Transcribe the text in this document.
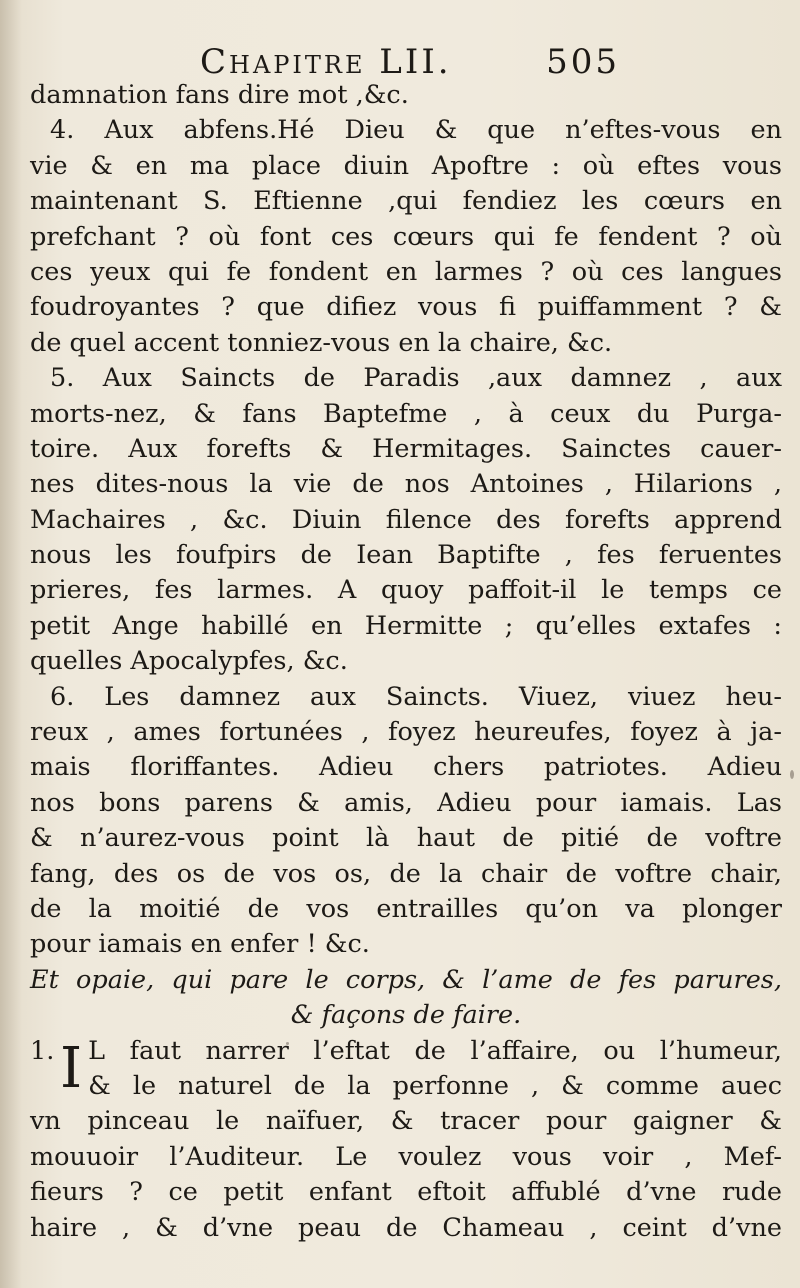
Chapitre LII.	505
damnation fans dire mot ,&c.
4. Aux abfens.Hé Dieu & que n’eftes-vous en
vie & en ma place diuin Apoftre : où eftes vous
maintenant S. Eftienne ,qui fendiez les cœurs en
prefchant ? où font ces cœurs qui fe fendent ? où
ces yeux qui fe fondent en larmes ? où ces langues
foudroyantes ? que difiez vous fi puiffamment ? &
de quel accent tonniez-vous en la chaire, &c.
5. Aux Saincts de Paradis ,aux damnez , aux
morts-nez, & fans Baptefme , à ceux du Purga-
toire. Aux forefts & Hermitages. Sainctes cauer-
nes dites-nous la vie de nos Antoines , Hilarions ,
Machaires , &c. Diuin filence des forefts apprend
nous les foufpirs de Iean Baptifte , fes feruentes
prieres, fes larmes. A quoy paffoit-il le temps ce
petit Ange habillé en Hermitte ; qu’elles extafes :
quelles Apocalypfes, &c.
6. Les damnez aux Saincts. Viuez, viuez heu-
reux , ames fortunées , foyez heureufes, foyez à ja-
mais floriffantes. Adieu chers patriotes. Adieu
nos bons parens & amis, Adieu pour iamais. Las
& n’aurez-vous point là haut de pitié de voftre
fang, des os de vos os, de la chair de voftre chair,
de la moitié de vos entrailles qu’on va plonger
pour iamais en enfer ! &c.
Et opaie, qui pare le corps, & l’ame de fes parures,
& façons de faire.
1. I L faut narrer l’eftat de l’affaire, ou l’humeur,
& le naturel de la perfonne , & comme auec
vn pinceau le naïfuer, & tracer pour gaigner &
mouuoir l’Auditeur. Le voulez vous voir , Mef-
fieurs ? ce petit enfant eftoit affublé d’vne rude
haire , & d’vne peau de Chameau , ceint d’vne
